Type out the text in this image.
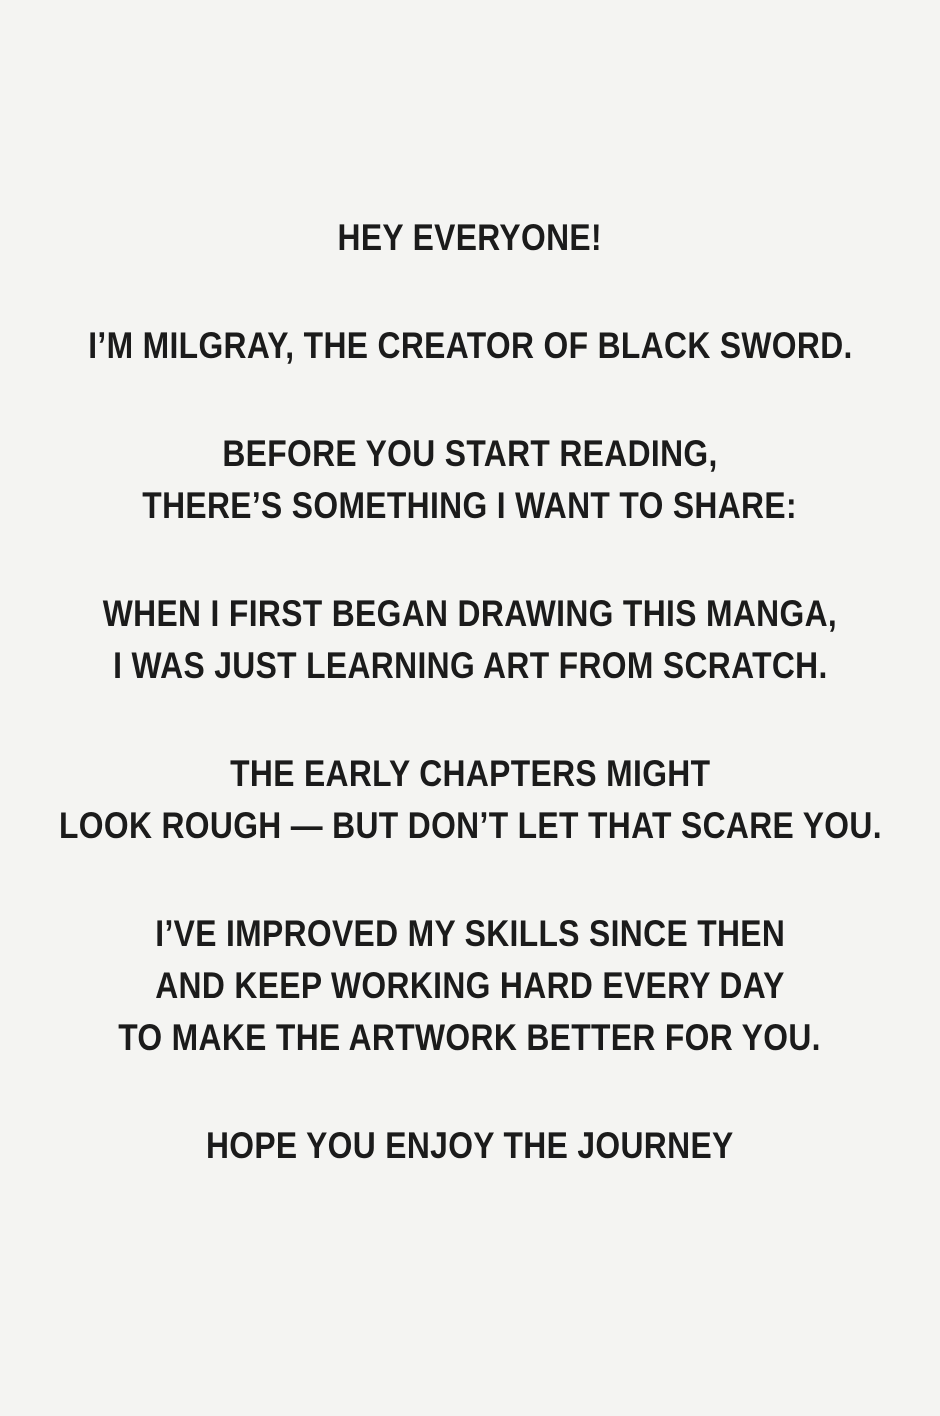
HEY EVERYONE!
I’M MILGRAY, THE CREATOR OF BLACK SWORD.
BEFORE YOU START READING,
THERE’S SOMETHING I WANT TO SHARE:
WHEN I FIRST BEGAN DRAWING THIS MANGA,
I WAS JUST LEARNING ART FROM SCRATCH.
THE EARLY CHAPTERS MIGHT
LOOK ROUGH — BUT DON’T LET THAT SCARE YOU.
I’VE IMPROVED MY SKILLS SINCE THEN
AND KEEP WORKING HARD EVERY DAY
TO MAKE THE ARTWORK BETTER FOR YOU.
HOPE YOU ENJOY THE JOURNEY
